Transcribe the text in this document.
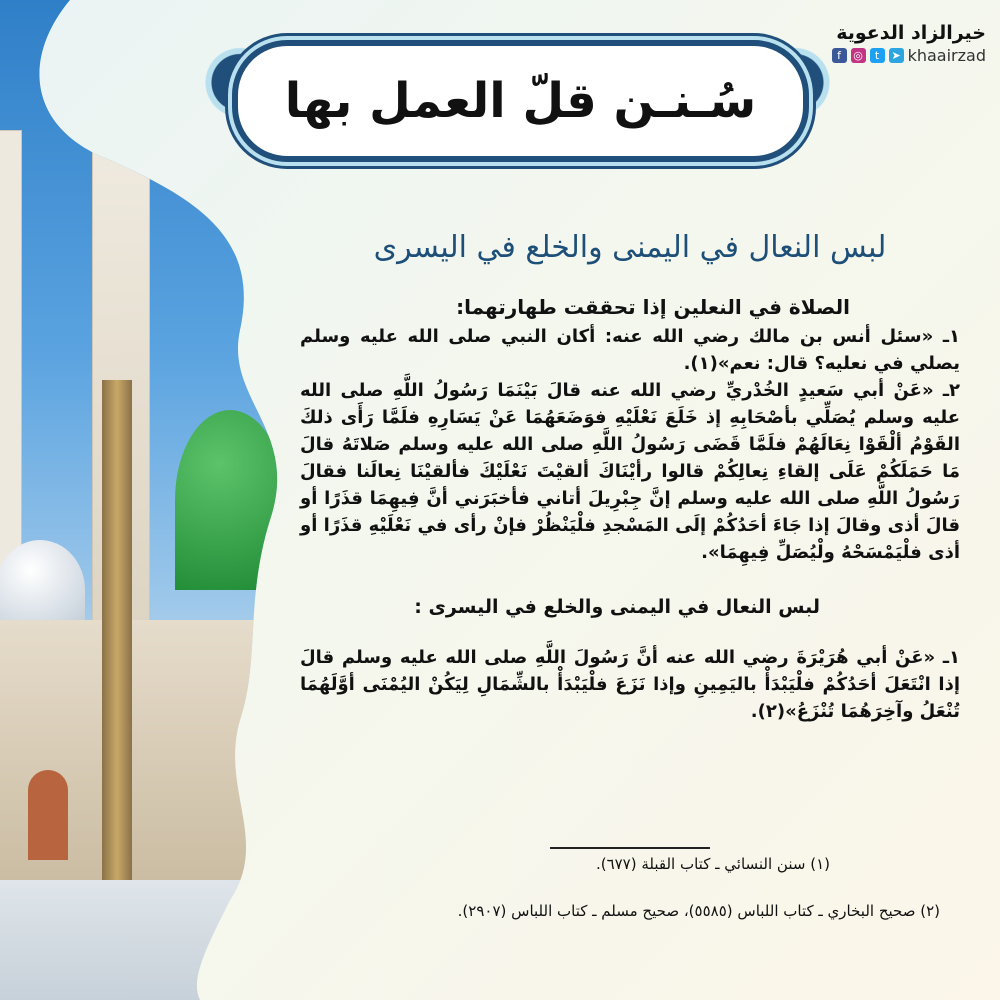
خيرالزاد الدعوية
f	◎	t	➤ khaairzad
سُـنـن قلّ العمل بها
لبس النعال في اليمنى والخلع في اليسرى
الصلاة في النعلين إذا تحققت طهارتهما:

١ـ «سئل أنس بن مالك رضي الله عنه: أكان النبي صلى الله عليه وسلم يصلي في نعليه؟ قال: نعم»(١).

٢ـ «عَنْ أبي سَعيدٍ الخُدْريِّ رضي الله عنه قالَ بَيْنَمَا رَسُولُ اللَّهِ صلى الله عليه وسلم يُصَلِّي بأصْحَابِهِ إذ خَلَعَ نَعْلَيْهِ فوَضَعَهُمَا عَنْ يَسَارِهِ فلَمَّا رَأَى ذلكَ القَوْمُ ألْقَوْا نِعَالَهُمْ فلَمَّا قَضَى رَسُولُ اللَّهِ صلى الله عليه وسلم صَلاتَهُ قالَ مَا حَمَلَكُمْ عَلَى إلقاءِ نِعالِكُمْ قالوا رأيْنَاكَ ألقيْتَ نَعْلَيْكَ فألقيْنَا نِعالَنا فقالَ رَسُولُ اللَّهِ صلى الله عليه وسلم إنَّ جِبْرِيلَ أتاني فأخبَرَني أنَّ فِيهِمَا قذَرًا أو قالَ أذى وقالَ إذا جَاءَ أحَدُكُمْ إلَى المَسْجدِ فلْيَنْظُرْ فإنْ رأى في نَعْلَيْهِ قذَرًا أو أذى فلْيَمْسَحْهُ ولْيُصَلِّ فِيهِمَا».

لبس النعال في اليمنى والخلع في اليسرى :

١ـ «عَنْ أبي هُرَيْرَةَ رضي الله عنه أنَّ رَسُولَ اللَّهِ صلى الله عليه وسلم قالَ إذا انْتَعَلَ أحَدُكُمْ فلْيَبْدَأْ باليَمِينِ وإذا نَزَعَ فلْيَبْدَأْ بالشِّمَالِ لِيَكُنْ اليُمْنَى أوَّلَهُمَا تُنْعَلُ وآخِرَهُمَا تُنْزَعُ»(٢).

(١) سنن النسائي ـ كتاب القبلة (٦٧٧).
(٢) صحيح البخاري ـ كتاب اللباس (٥٥٨٥)، صحيح مسلم ـ كتاب اللباس (٢٩٠٧).
